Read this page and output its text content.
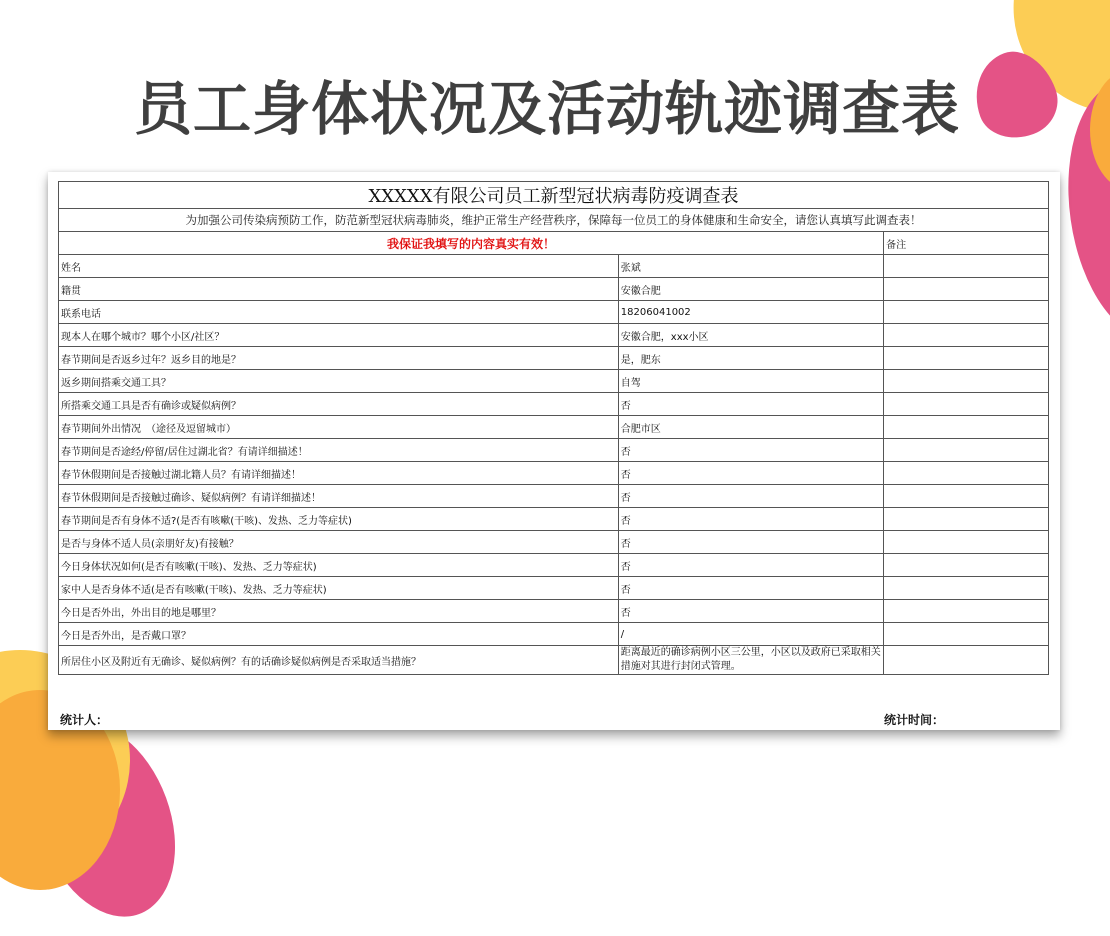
员工身体状况及活动轨迹调查表
XXXXX有限公司员工新型冠状病毒防疫调查表		
为加强公司传染病预防工作，防范新型冠状病毒肺炎，维护正常生产经营秩序，保障每一位员工的身体健康和生命安全，请您认真填写此调查表！		
我保证我填写的内容真实有效！		备注
姓名	张斌	
籍贯	安徽合肥	
联系电话	18206041002	
现本人在哪个城市？哪个小区/社区？	安徽合肥，xxx小区	
春节期间是否返乡过年？返乡目的地是？	是，肥东	
返乡期间搭乘交通工具？	自驾	
所搭乘交通工具是否有确诊或疑似病例？	否	
春节期间外出情况　（途径及逗留城市）	合肥市区	
春节期间是否途经/停留/居住过湖北省？有请详细描述！	否	
春节休假期间是否接触过湖北籍人员？有请详细描述！	否	
春节休假期间是否接触过确诊、疑似病例？有请详细描述！	否	
春节期间是否有身体不适?(是否有咳嗽(干咳)、发热、乏力等症状)	否	
是否与身体不适人员(亲朋好友)有接触？	否	
今日身体状况如何(是否有咳嗽(干咳)、发热、乏力等症状)	否	
家中人是否身体不适(是否有咳嗽(干咳)、发热、乏力等症状)	否	
今日是否外出，外出目的地是哪里？	否	
今日是否外出，是否戴口罩？	/	
所居住小区及附近有无确诊、疑似病例？有的话确诊疑似病例是否采取适当措施？	距离最近的确诊病例小区三公里，小区以及政府已采取相关措施对其进行封闭式管理。	
统计人：	统计时间：
